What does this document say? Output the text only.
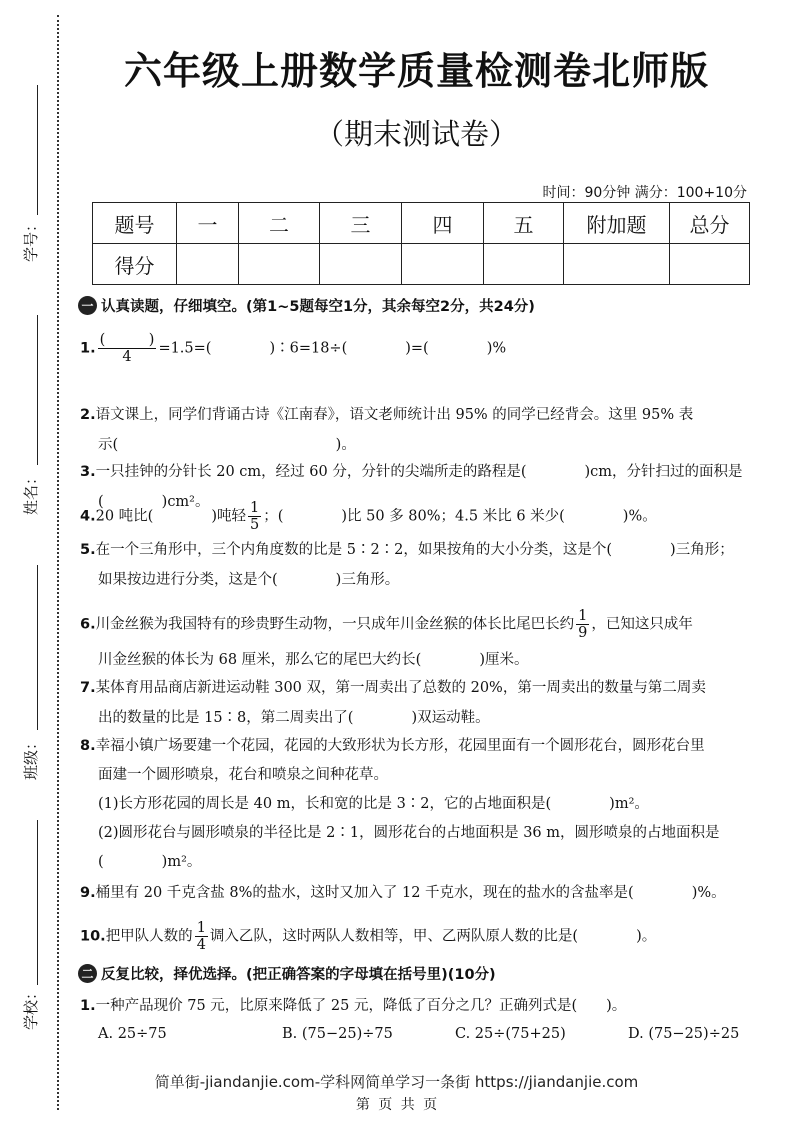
学号：
姓名：
班级：
学校：
六年级上册数学质量检测卷北师版
（期末测试卷）
时间：90分钟 满分：100+10分
题号	一	二	三	四	五	附加题	总分
得分							
一 认真读题，仔细填空。(第1~5题每空1分，其余每空2分，共24分)
1. $\frac{( )}{4} =1.5=$(　　　　)∶6=18÷(　　　　)=(　　　　)%
2.语文课上，同学们背诵古诗《江南春》，语文老师统计出 95% 的同学已经背会。这里 95% 表
示(　　　　　　　　　　　　　　　)。
3.一只挂钟的分针长 20 cm，经过 60 分，分针的尖端所走的路程是(　　　　)cm，分针扫过的面积是
(　　　　)cm²。
4.20 吨比(　　　　)吨轻 $\frac{1}{5}$ ；(　　　　)比 50 多 80%；4.5 米比 6 米少(　　　　)%。
5.在一个三角形中，三个内角度数的比是 5∶2∶2，如果按角的大小分类，这是个(　　　　)三角形；
如果按边进行分类，这是个(　　　　)三角形。
6.川金丝猴为我国特有的珍贵野生动物，一只成年川金丝猴的体长比尾巴长约 $\frac{1}{9}$ ，已知这只成年
川金丝猴的体长为 68 厘米，那么它的尾巴大约长(　　　　)厘米。
7.某体育用品商店新进运动鞋 300 双，第一周卖出了总数的 20%，第一周卖出的数量与第二周卖
出的数量的比是 15∶8，第二周卖出了(　　　　)双运动鞋。
8.幸福小镇广场要建一个花园，花园的大致形状为长方形，花园里面有一个圆形花台，圆形花台里
面建一个圆形喷泉，花台和喷泉之间种花草。
(1)长方形花园的周长是 40 m，长和宽的比是 3∶2，它的占地面积是(　　　　)m²。
(2)圆形花台与圆形喷泉的半径比是 2∶1，圆形花台的占地面积是 36 m，圆形喷泉的占地面积是
(　　　　)m²。
9.桶里有 20 千克含盐 8%的盐水，这时又加入了 12 千克水，现在的盐水的含盐率是(　　　　)%。
10.把甲队人数的 $\frac{1}{4}$ 调入乙队，这时两队人数相等，甲、乙两队原人数的比是(　　　　)。
二 反复比较，择优选择。(把正确答案的字母填在括号里)(10分)
1.一种产品现价 75 元，比原来降低了 25 元，降低了百分之几？正确列式是(　　)。
A. 25÷75	B. (75−25)÷75	C. 25÷(75+25)	D. (75−25)÷25
简单街-jiandanjie.com-学科网简单学习一条街 https://jiandanjie.com
第 页 共 页
